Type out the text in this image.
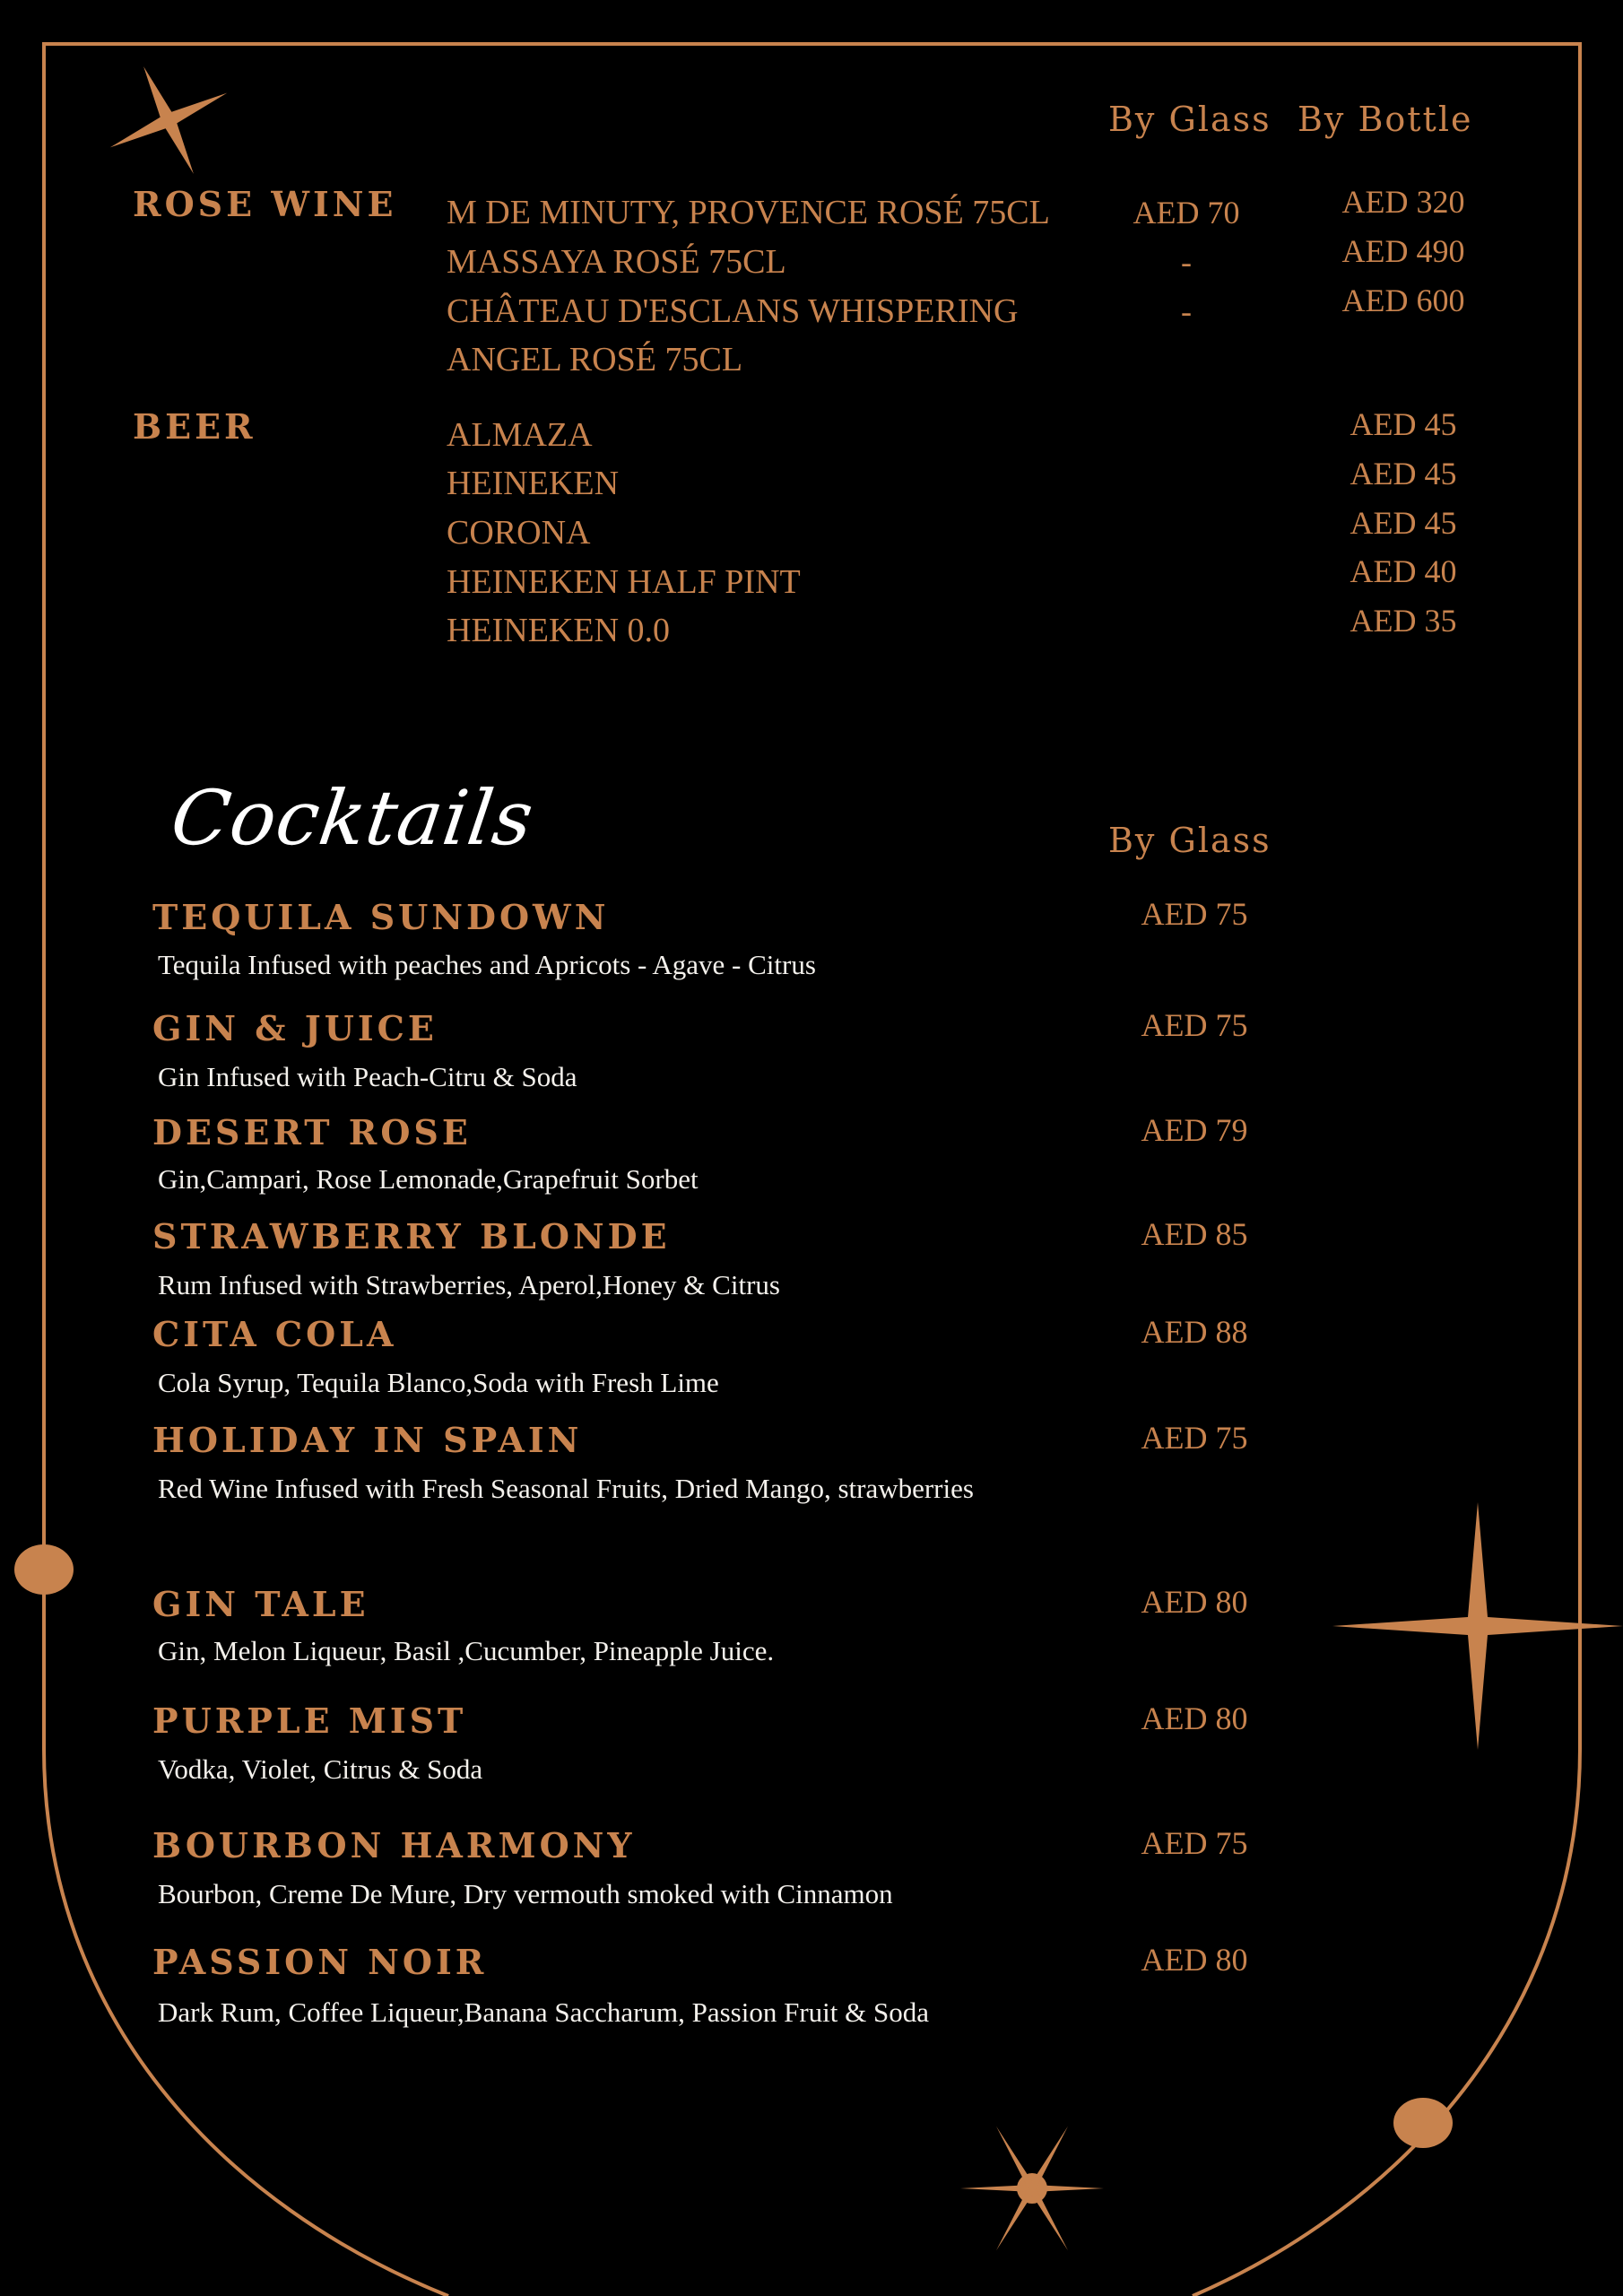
By Glass By Bottle
ROSE WINE M DE MINUTY, PROVENCE ROSÉ 75CL
MASSAYA ROSÉ 75CL
CHÂTEAU D'ESCLANS WHISPERING
ANGEL ROSÉ 75CL
AED 70
-
-
AED 320
AED 490
AED 600
BEER	ALMAZA
HEINEKEN
CORONA
HEINEKEN HALF PINT
HEINEKEN 0.0
AED 45
AED 45
AED 45
AED 40
AED 35
Cocktails	By Glass
TEQUILA SUNDOWN
Tequila Infused with peaches and Apricots - Agave - Citrus
AED 75
GIN & JUICE
Gin Infused with Peach-Citru & Soda
AED 75
DESERT ROSE
Gin,Campari, Rose Lemonade,Grapefruit Sorbet
AED 79
STRAWBERRY BLONDE
Rum Infused with Strawberries, Aperol,Honey & Citrus
AED 85
CITA COLA
Cola Syrup, Tequila Blanco,Soda with Fresh Lime
AED 88
HOLIDAY IN SPAIN
Red Wine Infused with Fresh Seasonal Fruits, Dried Mango, strawberries
AED 75
GIN TALE
Gin, Melon Liqueur, Basil ,Cucumber, Pineapple Juice.
AED 80
PURPLE MIST
Vodka, Violet, Citrus & Soda
AED 80
BOURBON HARMONY
Bourbon, Creme De Mure, Dry vermouth smoked with Cinnamon
AED 75
PASSION NOIR
Dark Rum, Coffee Liqueur,Banana Saccharum, Passion Fruit & Soda
AED 80
